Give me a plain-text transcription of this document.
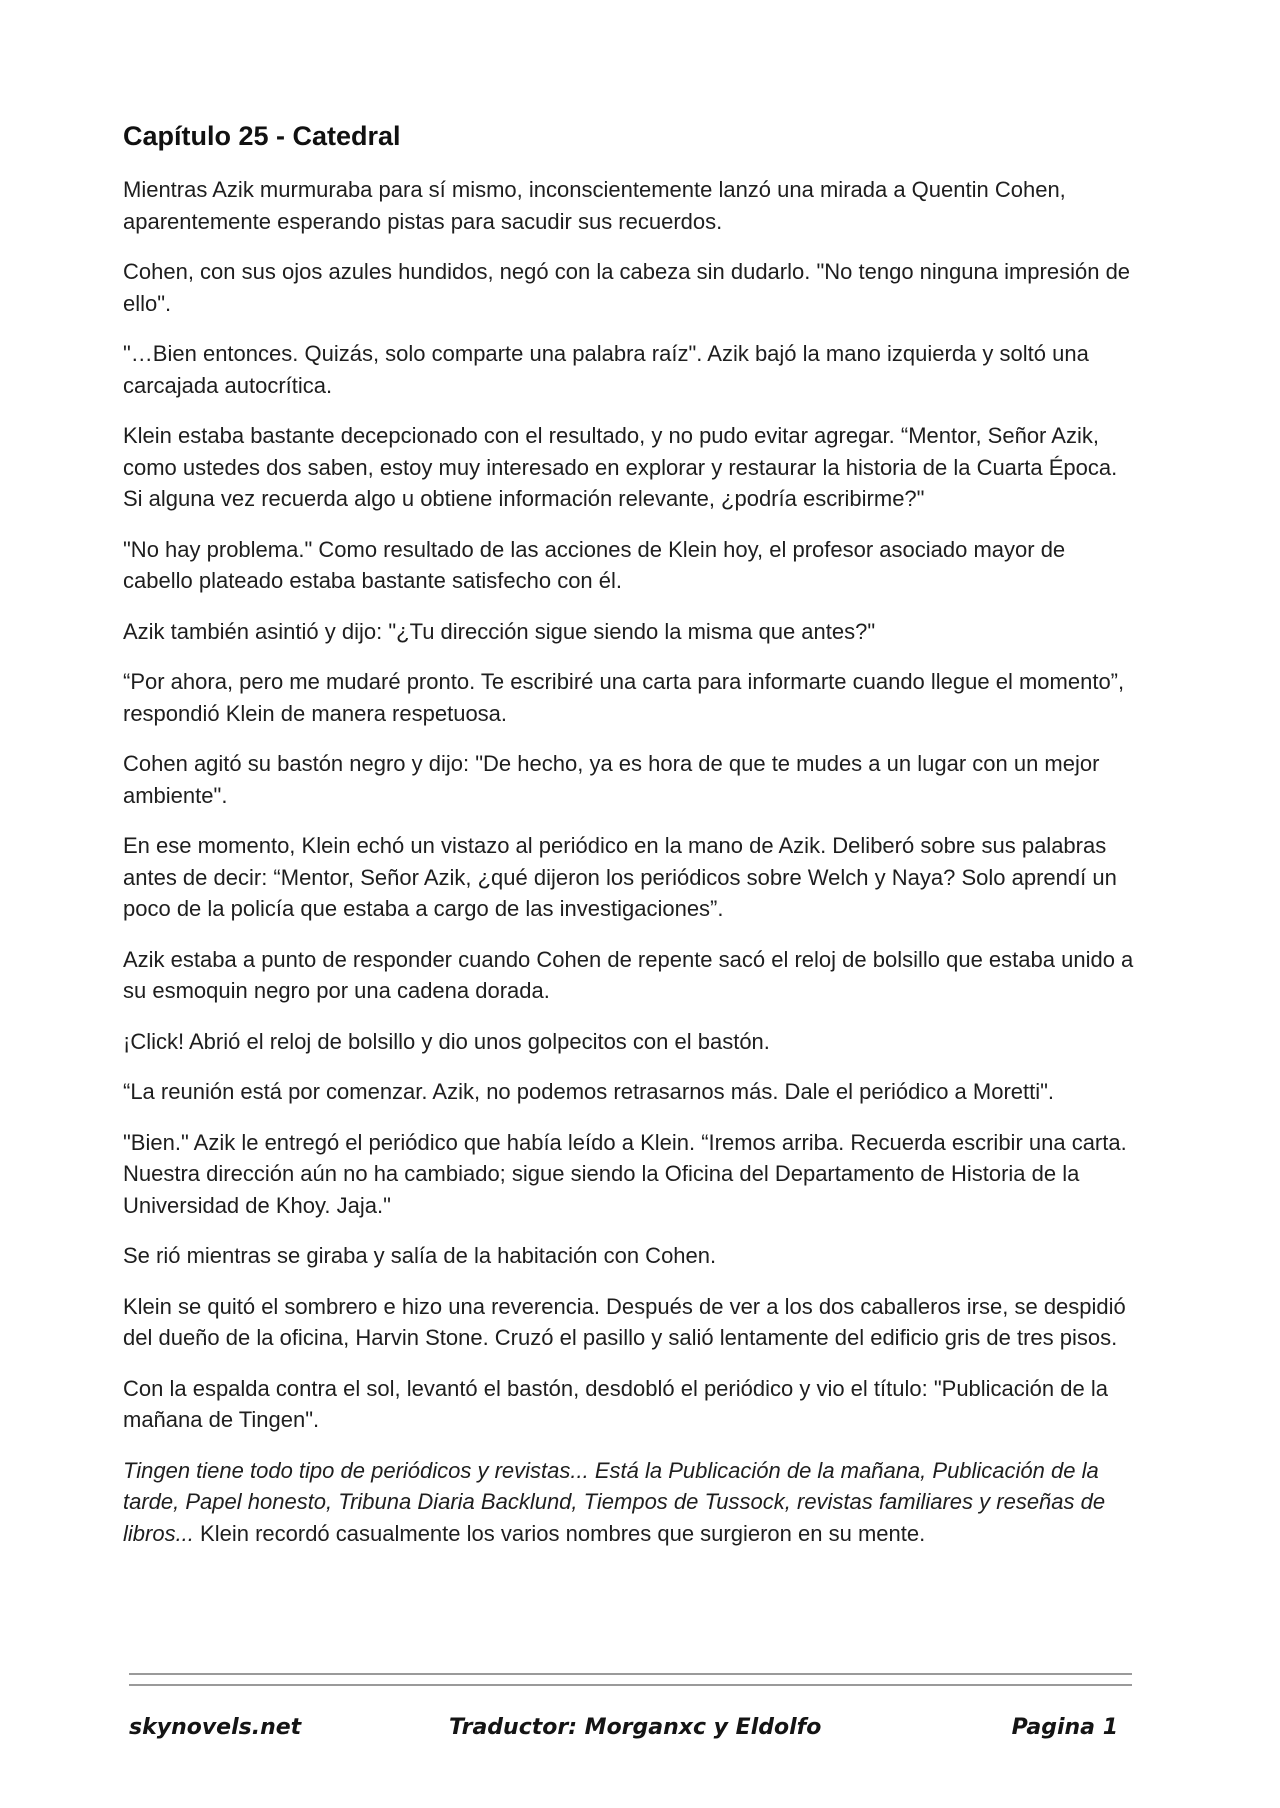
Capítulo 25 - Catedral

Mientras Azik murmuraba para sí mismo, inconscientemente lanzó una mirada a Quentin Cohen, aparentemente esperando pistas para sacudir sus recuerdos.

Cohen, con sus ojos azules hundidos, negó con la cabeza sin dudarlo. "No tengo ninguna impresión de ello".

"…Bien entonces. Quizás, solo comparte una palabra raíz". Azik bajó la mano izquierda y soltó una carcajada autocrítica.

Klein estaba bastante decepcionado con el resultado, y no pudo evitar agregar. “Mentor, Señor Azik, como ustedes dos saben, estoy muy interesado en explorar y restaurar la historia de la Cuarta Época. Si alguna vez recuerda algo u obtiene información relevante, ¿podría escribirme?"

"No hay problema." Como resultado de las acciones de Klein hoy, el profesor asociado mayor de cabello plateado estaba bastante satisfecho con él.

Azik también asintió y dijo: "¿Tu dirección sigue siendo la misma que antes?"

“Por ahora, pero me mudaré pronto. Te escribiré una carta para informarte cuando llegue el momento”, respondió Klein de manera respetuosa.

Cohen agitó su bastón negro y dijo: "De hecho, ya es hora de que te mudes a un lugar con un mejor ambiente".

En ese momento, Klein echó un vistazo al periódico en la mano de Azik. Deliberó sobre sus palabras antes de decir: “Mentor, Señor Azik, ¿qué dijeron los periódicos sobre Welch y Naya? Solo aprendí un poco de la policía que estaba a cargo de las investigaciones”.

Azik estaba a punto de responder cuando Cohen de repente sacó el reloj de bolsillo que estaba unido a su esmoquin negro por una cadena dorada.

¡Click! Abrió el reloj de bolsillo y dio unos golpecitos con el bastón.

“La reunión está por comenzar. Azik, no podemos retrasarnos más. Dale el periódico a Moretti".

"Bien." Azik le entregó el periódico que había leído a Klein. “Iremos arriba. Recuerda escribir una carta. Nuestra dirección aún no ha cambiado; sigue siendo la Oficina del Departamento de Historia de la Universidad de Khoy. Jaja."

Se rió mientras se giraba y salía de la habitación con Cohen.

Klein se quitó el sombrero e hizo una reverencia. Después de ver a los dos caballeros irse, se despidió del dueño de la oficina, Harvin Stone. Cruzó el pasillo y salió lentamente del edificio gris de tres pisos.

Con la espalda contra el sol, levantó el bastón, desdobló el periódico y vio el título: "Publicación de la mañana de Tingen".

Tingen tiene todo tipo de periódicos y revistas... Está la Publicación de la mañana, Publicación de la tarde, Papel honesto, Tribuna Diaria Backlund, Tiempos de Tussock, revistas familiares y reseñas de libros... Klein recordó casualmente los varios nombres que surgieron en su mente.

skynovels.net	Traductor: Morganxc y Eldolfo	Pagina 1
